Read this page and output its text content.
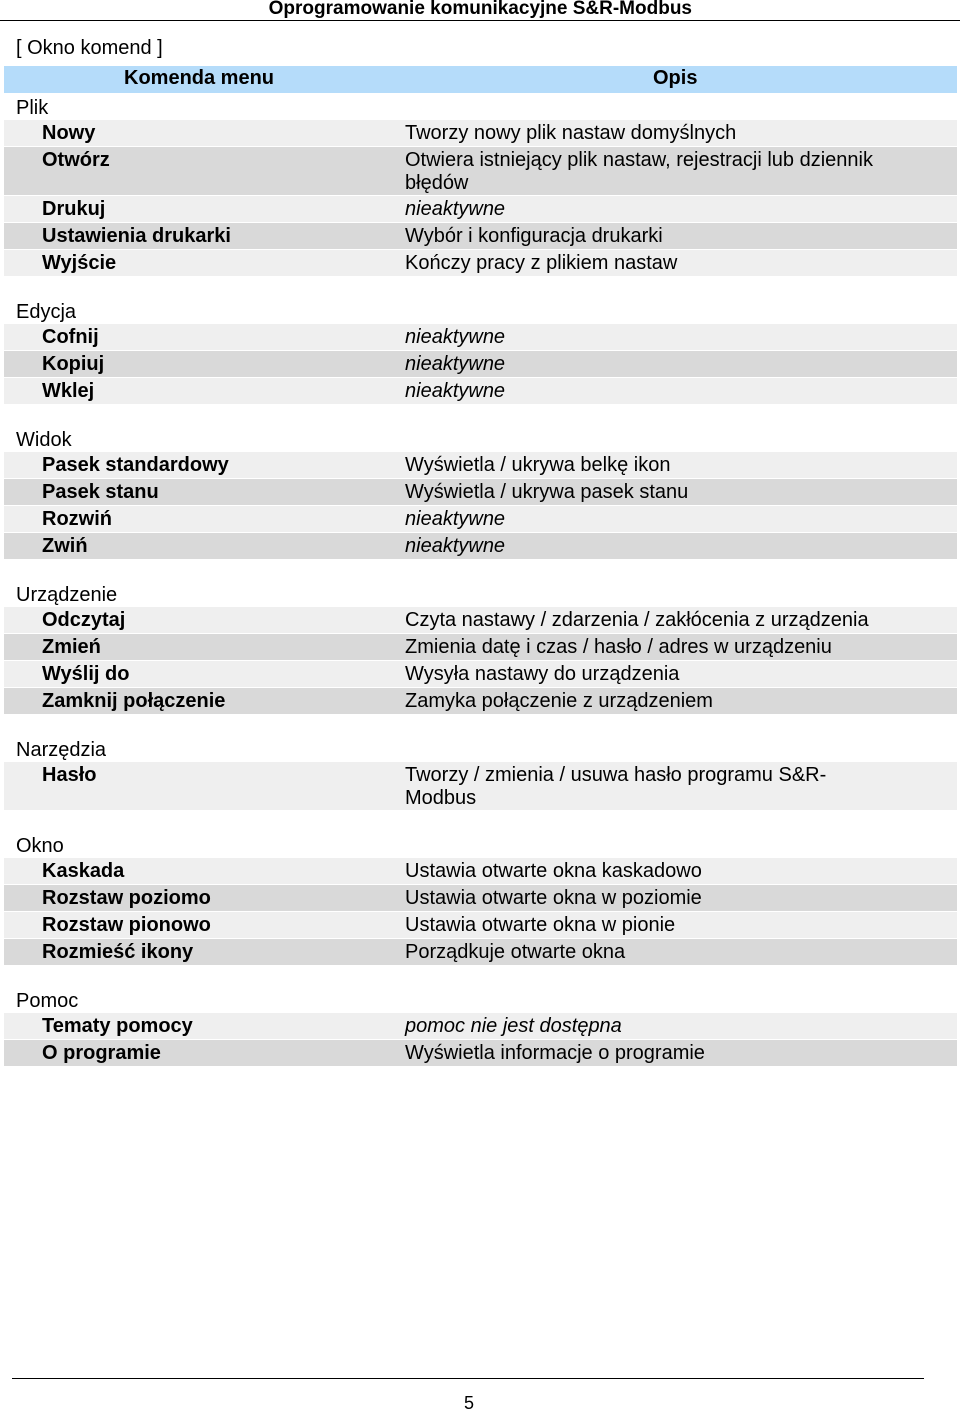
Oprogramowanie komunikacyjne S&R-Modbus
[ Okno komend ]
Komenda menu	Opis
Plik
Nowy	Tworzy nowy plik nastaw domyślnych
Otwórz	Otwiera istniejący plik nastaw, rejestracji lub dziennik błędów
Drukuj	nieaktywne
Ustawienia drukarki	Wybór i konfiguracja drukarki
Wyjście	Kończy pracy z plikiem nastaw
Edycja
Cofnij	nieaktywne
Kopiuj	nieaktywne
Wklej	nieaktywne
Widok
Pasek standardowy	Wyświetla / ukrywa belkę ikon
Pasek stanu	Wyświetla / ukrywa pasek stanu
Rozwiń	nieaktywne
Zwiń	nieaktywne
Urządzenie
Odczytaj	Czyta nastawy / zdarzenia / zakłócenia z urządzenia
Zmień	Zmienia datę i czas / hasło / adres w urządzeniu
Wyślij do	Wysyła nastawy do urządzenia
Zamknij połączenie	Zamyka połączenie z urządzeniem
Narzędzia
Hasło	Tworzy / zmienia / usuwa hasło programu S&R-Modbus
Okno
Kaskada	Ustawia otwarte okna kaskadowo
Rozstaw poziomo	Ustawia otwarte okna w poziomie
Rozstaw pionowo	Ustawia otwarte okna w pionie
Rozmieść ikony	Porządkuje otwarte okna
Pomoc
Tematy pomocy	pomoc nie jest dostępna
O programie	Wyświetla informacje o programie
5
